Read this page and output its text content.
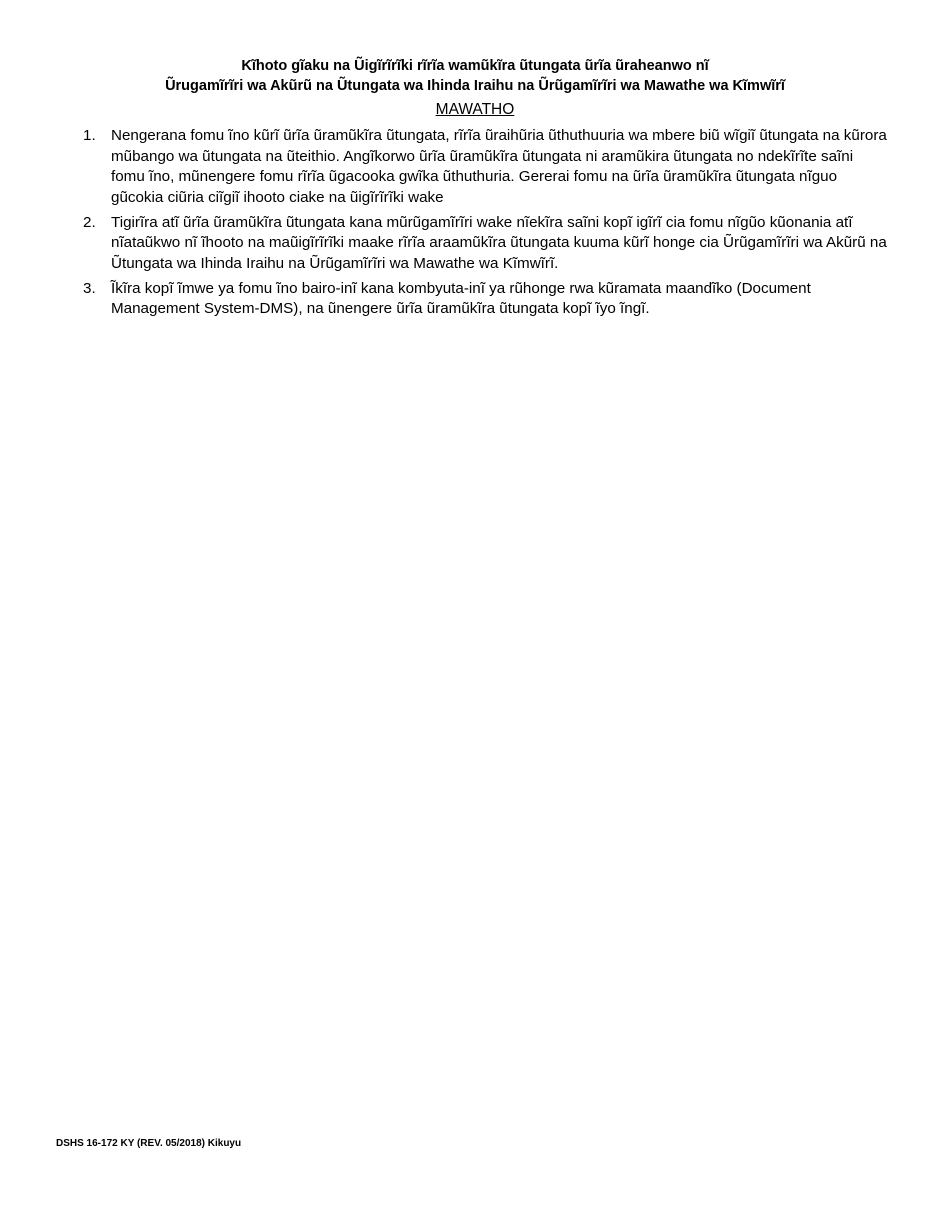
Kĩhoto gĩaku na Ũigĩrĩrĩki rĩrĩa wamũkĩra ũtungata ũrĩa ũraheanwo nĩ
Ũrugamĩrĩri wa Akũrũ na Ũtungata wa Ihinda Iraihu na Ũrũgamĩrĩri wa Mawathe wa Kĩmwĩrĩ
MAWATHO
1. Nengerana fomu ĩno kũrĩ ũrĩa ũramũkĩra ũtungata, rĩrĩa ũraihũria ũthuthuuria wa mbere biũ wĩgiĩ ũtungata na kũrora mũbango wa ũtungata na ũteithio. Angĩkorwo ũrĩa ũramũkĩra ũtungata ni aramũkira ũtungata no ndekĩrĩte saĩni fomu ĩno, mũnengere fomu rĩrĩa ũgacooka gwĩka ũthuthuria. Gererai fomu na ũrĩa ũramũkĩra ũtungata nĩguo gũcokia ciũria ciĩgiĩ ihooto ciake na ũigĩrĩrĩki wake
2. Tigirĩra atĩ ũrĩa ũramũkĩra ũtungata kana mũrũgamĩrĩri wake nĩekĩra saĩni kopĩ igĩrĩ cia fomu nĩgũo kũonania atĩ nĩataũkwo nĩ ĩhooto na maũigĩrĩrĩki maake rĩrĩa araamũkĩra ũtungata kuuma kũrĩ honge cia Ũrũgamĩrĩri wa Akũrũ na Ũtungata wa Ihinda Iraihu na Ũrũgamĩrĩri wa Mawathe wa Kĩmwĩrĩ.
3. Ĩkĩra kopĩ ĩmwe ya fomu ĩno bairo-inĩ kana kombyuta-inĩ ya rũhonge rwa kũramata maandĩko (Document Management System-DMS), na ũnengere ũrĩa ũramũkĩra ũtungata kopĩ ĩyo ĩngĩ.
DSHS 16-172 KY (REV. 05/2018) Kikuyu
